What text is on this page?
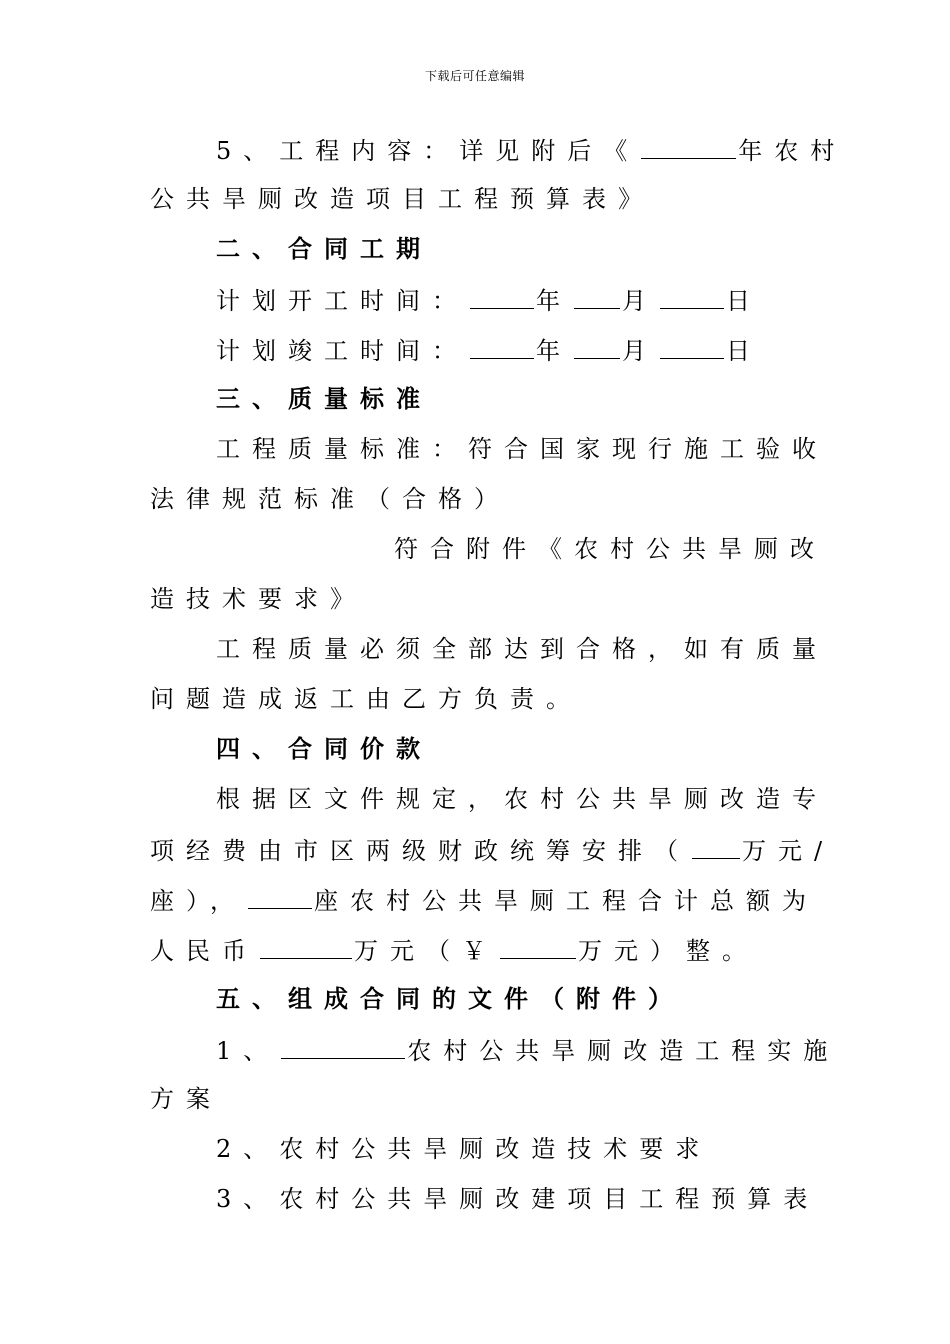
下载后可任意编辑
5、工程内容：详见附后《	年农村
公共旱厕改造项目工程预算表》
二、合同工期
计划开工时间：	年 月	日
计划竣工时间：	年 月	日
三、质量标准
工程质量标准：符合国家现行施工验收
法律规范标准（合格）
符合附件《农村公共旱厕改
造技术要求》
工程质量必须全部达到合格，如有质量
问题造成返工由乙方负责。
四、合同价款
根据区文件规定，农村公共旱厕改造专
项经费由市区两级财政统筹安排（ 万元/
座），	座农村公共旱厕工程合计总额为
人民币	万元（￥	万元）整。
五、组成合同的文件（附件）
1、	农村公共旱厕改造工程实施
方案
2、农村公共旱厕改造技术要求
3、农村公共旱厕改建项目工程预算表
